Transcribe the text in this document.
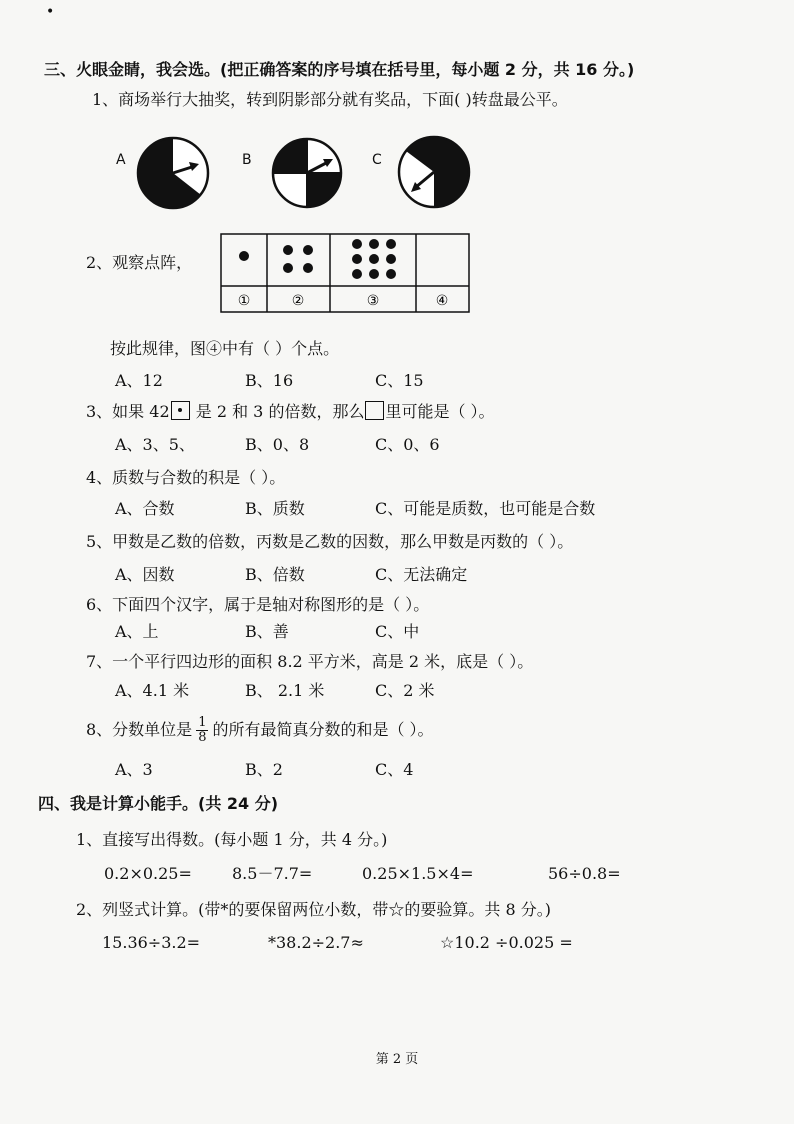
•
三、火眼金睛，我会选。(把正确答案的序号填在括号里，每小题 2 分，共 16 分。)
1、商场举行大抽奖，转到阴影部分就有奖品，下面( )转盘最公平。
A	B	C
2、观察点阵，
①	②	③	④
按此规律，图④中有（ ）个点。
A、12	B、16	C、15
3、如果 42 是 2 和 3 的倍数，那么 里可能是（ ）。
A、3、5、	B、0、8	C、0、6
4、质数与合数的积是（ ）。
A、合数	B、质数	C、可能是质数，也可能是合数
5、甲数是乙数的倍数，丙数是乙数的因数，那么甲数是丙数的（ ）。
A、因数	B、倍数	C、无法确定
6、下面四个汉字，属于是轴对称图形的是（ ）。
A、上	B、善	C、中
7、一个平行四边形的面积 8.2 平方米，高是 2 米，底是（ ）。
A、4.1 米	B、 2.1 米	C、2 米
8、分数单位是 $\frac{1}{8}$ 的所有最简真分数的和是（ ）。
A、3	B、2	C、4
四、我是计算小能手。(共 24 分)
1、直接写出得数。(每小题 1 分，共 4 分。)
0.2×0.25=	8.5－7.7=	0.25×1.5×4=	56÷0.8=
2、列竖式计算。(带*的要保留两位小数，带☆的要验算。共 8 分。)
15.36÷3.2=	*38.2÷2.7≈	☆10.2 ÷0.025 =
第 2 页
